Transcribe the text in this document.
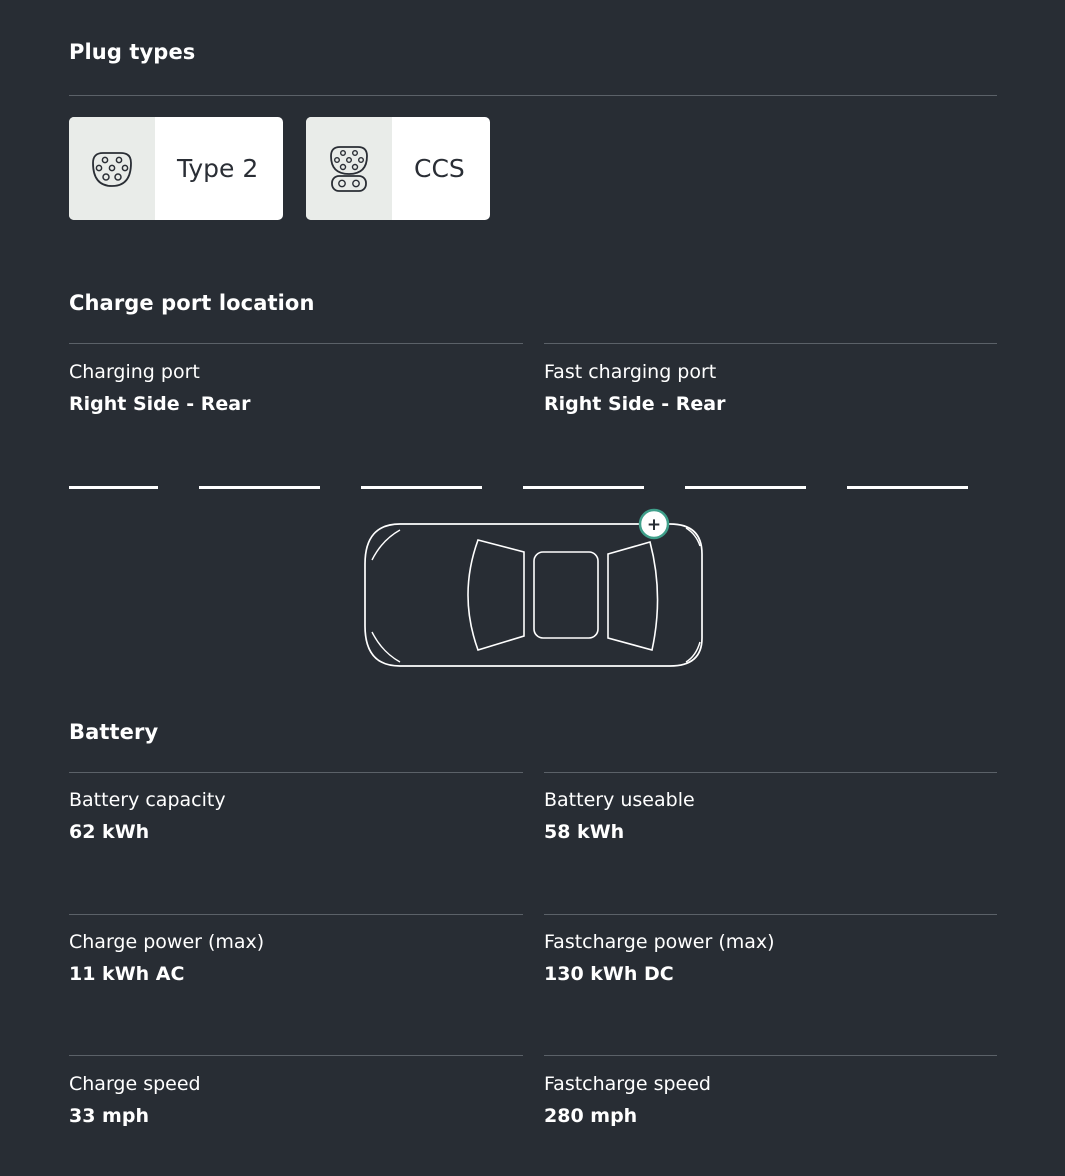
Plug types
Type 2	CCS
Charge port location
Charging port
Right Side - Rear
Fast charging port
Right Side - Rear
+
Battery
Battery capacity
62 kWh
Battery useable
58 kWh
Charge power (max)
11 kWh AC
Fastcharge power (max)
130 kWh DC
Charge speed
33 mph
Fastcharge speed
280 mph
